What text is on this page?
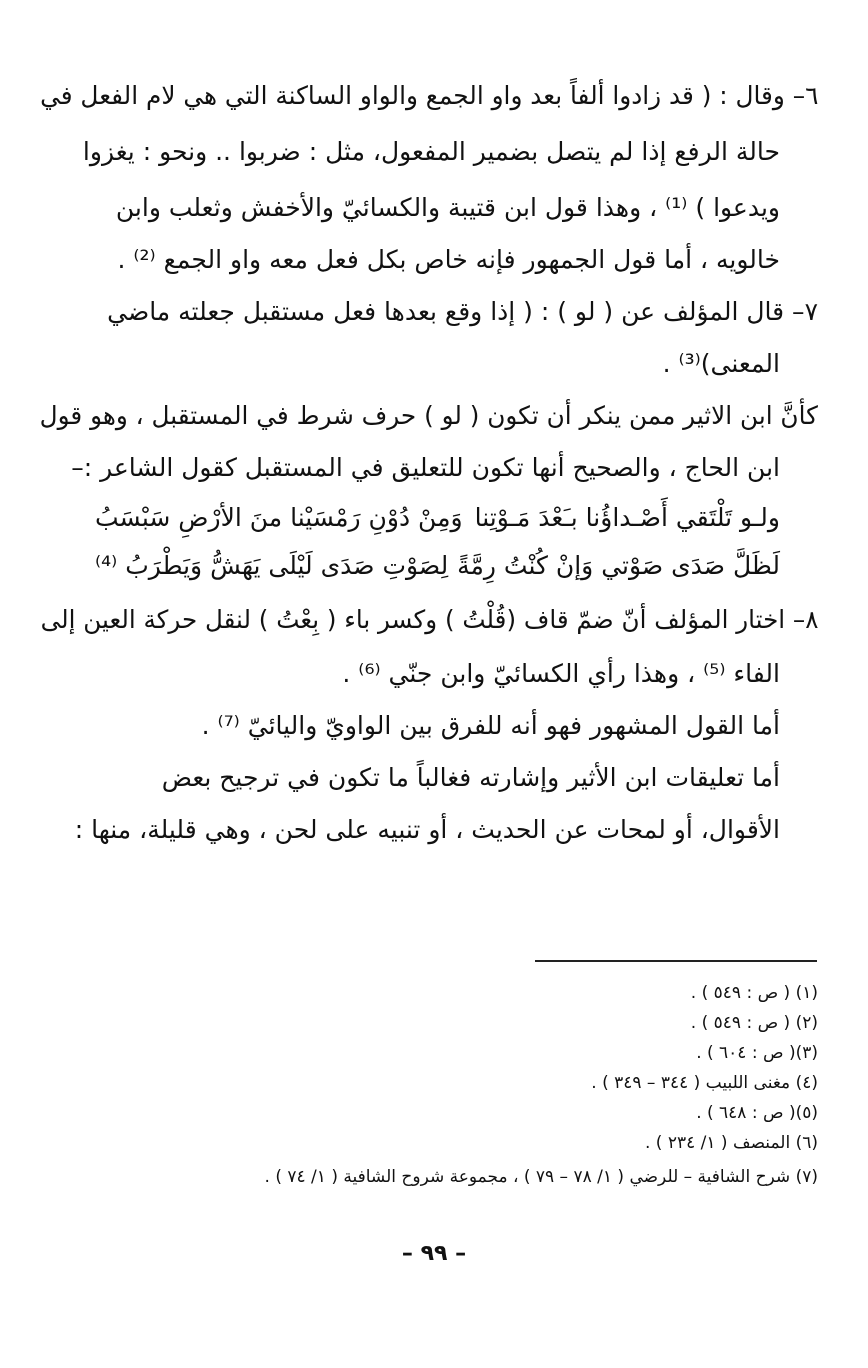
٦– وقال : ( قد زادوا ألفاً بعد واو الجمع والواو الساكنة التي هي لام الفعل في
حالة الرفع إذا لم يتصل بضمير المفعول، مثل : ضربوا .. ونحو : يغزوا
ويدعوا ) ⁽¹⁾ ، وهذا قول ابن قتيبة والكسائيّ والأخفش وثعلب وابن
خالويه ، أما قول الجمهور فإنه خاص بكل فعل معه واو الجمع ⁽²⁾ .
٧– قال المؤلف عن ( لو ) : ( إذا وقع بعدها فعل مستقبل جعلته ماضي
المعنى)⁽³⁾ .
كأنَّ ابن الاثير ممن ينكر أن تكون ( لو ) حرف شرط في المستقبل ، وهو قول
ابن الحاج ، والصحيح أنها تكون للتعليق في المستقبل كقول الشاعر :–
ولـو تَلْتَقي أَصْـداؤُنا بـَعْدَ مَـوْتِنا
وَمِنْ دُوْنِ رَمْسَيْنا منَ الأرْضِ سَبْسَبُ
لَظَلَّ صَدَى صَوْتي وَإنْ كُنْتُ رِمَّةً
لِصَوْتِ صَدَى لَيْلَى يَهَشُّ وَيَطْرَبُ ⁽⁴⁾
٨– اختار المؤلف أنّ ضمّ قاف (قُلْتُ ) وكسر باء ( بِعْتُ ) لنقل حركة العين إلى
الفاء ⁽⁵⁾ ، وهذا رأي الكسائيّ وابن جنّي ⁽⁶⁾ .
أما القول المشهور فهو أنه للفرق بين الواويّ واليائيّ ⁽⁷⁾ .
أما تعليقات ابن الأثير وإشارته فغالباً ما تكون في ترجيح بعض
الأقوال، أو لمحات عن الحديث ، أو تنبيه على لحن ، وهي قليلة، منها :
(١) ( ص : ٥٤٩ ) .
(٢) ( ص : ٥٤٩ ) .
(٣)( ص : ٦٠٤ ) .
(٤) مغنى اللبيب ( ٣٤٤ – ٣٤٩ ) .
(٥)( ص : ٦٤٨ ) .
(٦) المنصف ( ١/ ٢٣٤ ) .
(٧) شرح الشافية – للرضي ( ١/ ٧٨ – ٧٩ ) ، مجموعة شروح الشافية ( ١/ ٧٤ ) .
– ٩٩ –
